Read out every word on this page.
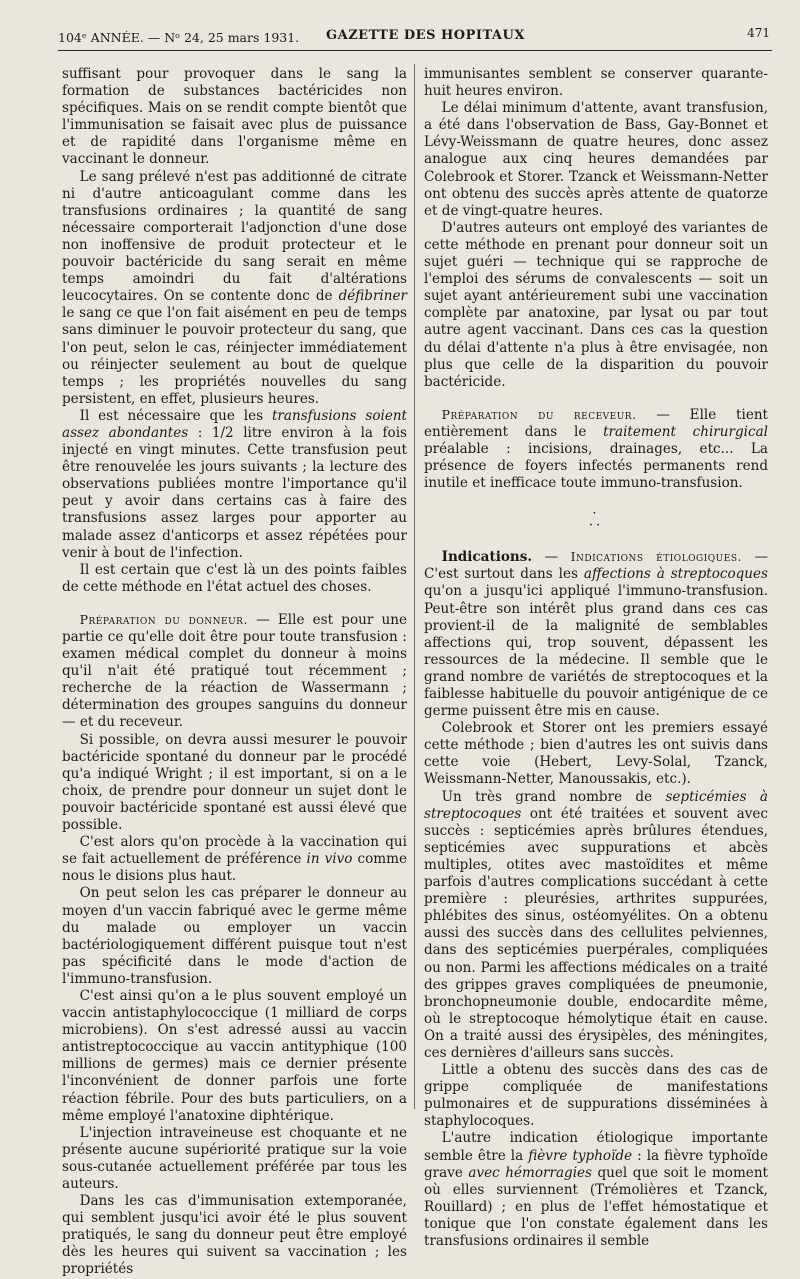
104ᵉ ANNÉE. — Nᵒ 24, 25 mars 1931. GAZETTE DES HOPITAUX	471

suffisant pour provoquer dans le sang la formation de substances bactéricides non spécifiques. Mais on se rendit compte bientôt que l'immunisation se faisait avec plus de puissance et de rapidité dans l'organisme même en vaccinant le donneur.

Le sang prélevé n'est pas additionné de citrate ni d'autre anticoagulant comme dans les transfusions ordinaires ; la quantité de sang nécessaire comporterait l'adjonction d'une dose non inoffensive de produit protecteur et le pouvoir bactéricide du sang serait en même temps amoindri du fait d'altérations leucocytaires. On se contente donc de défibriner le sang ce que l'on fait aisément en peu de temps sans diminuer le pouvoir protecteur du sang, que l'on peut, selon le cas, réinjecter immédiatement ou réinjecter seulement au bout de quelque temps ; les propriétés nouvelles du sang persistent, en effet, plusieurs heures.

Il est nécessaire que les transfusions soient assez abondantes : 1/2 litre environ à la fois injecté en vingt minutes. Cette transfusion peut être renouvelée les jours suivants ; la lecture des observations publiées montre l'importance qu'il peut y avoir dans certains cas à faire des transfusions assez larges pour apporter au malade assez d'anticorps et assez répétées pour venir à bout de l'infection.

Il est certain que c'est là un des points faibles de cette méthode en l'état actuel des choses.

Préparation du donneur. — Elle est pour une partie ce qu'elle doit être pour toute transfusion : examen médical complet du donneur à moins qu'il n'ait été pratiqué tout récemment ; recherche de la réaction de Wassermann ; détermination des groupes sanguins du donneur — et du receveur.

Si possible, on devra aussi mesurer le pouvoir bactéricide spontané du donneur par le procédé qu'a indiqué Wright ; il est important, si on a le choix, de prendre pour donneur un sujet dont le pouvoir bactéricide spontané est aussi élevé que possible.

C'est alors qu'on procède à la vaccination qui se fait actuellement de préférence in vivo comme nous le disions plus haut.

On peut selon les cas préparer le donneur au moyen d'un vaccin fabriqué avec le germe même du malade ou employer un vaccin bactériologiquement différent puisque tout n'est pas spécificité dans le mode d'action de l'immuno-transfusion.

C'est ainsi qu'on a le plus souvent employé un vaccin antistaphylococcique (1 milliard de corps microbiens). On s'est adressé aussi au vaccin antistreptococcique au vaccin antityphique (100 millions de germes) mais ce dernier présente l'inconvénient de donner parfois une forte réaction fébrile. Pour des buts particuliers, on a même employé l'anatoxine diphtérique.

L'injection intraveineuse est choquante et ne présente aucune supériorité pratique sur la voie sous-cutanée actuellement préférée par tous les auteurs.

Dans les cas d'immunisation extemporanée, qui semblent jusqu'ici avoir été le plus souvent pratiqués, le sang du donneur peut être employé dès les heures qui suivent sa vaccination ; les propriétés

immunisantes semblent se conserver quarante-huit heures environ.

Le délai minimum d'attente, avant transfusion, a été dans l'observation de Bass, Gay-Bonnet et Lévy-Weissmann de quatre heures, donc assez analogue aux cinq heures demandées par Colebrook et Storer. Tzanck et Weissmann-Netter ont obtenu des succès après attente de quatorze et de vingt-quatre heures.

D'autres auteurs ont employé des variantes de cette méthode en prenant pour donneur soit un sujet guéri — technique qui se rapproche de l'emploi des sérums de convalescents — soit un sujet ayant antérieurement subi une vaccination complète par anatoxine, par lysat ou par tout autre agent vaccinant. Dans ces cas la question du délai d'attente n'a plus à être envisagée, non plus que celle de la disparition du pouvoir bactéricide.

Préparation du receveur. — Elle tient entièrement dans le traitement chirurgical préalable : incisions, drainages, etc... La présence de foyers infectés permanents rend inutile et inefficace toute immuno-transfusion.

·
··

Indications. — Indications étiologiques. — C'est surtout dans les affections à streptocoques qu'on a jusqu'ici appliqué l'immuno-transfusion. Peut-être son intérêt plus grand dans ces cas provient-il de la malignité de semblables affections qui, trop souvent, dépassent les ressources de la médecine. Il semble que le grand nombre de variétés de streptocoques et la faiblesse habituelle du pouvoir antigénique de ce germe puissent être mis en cause.

Colebrook et Storer ont les premiers essayé cette méthode ; bien d'autres les ont suivis dans cette voie (Hebert, Levy-Solal, Tzanck, Weissmann-Netter, Manoussakis, etc.).

Un très grand nombre de septicémies à streptocoques ont été traitées et souvent avec succès : septicémies après brûlures étendues, septicémies avec suppurations et abcès multiples, otites avec mastoïdites et même parfois d'autres complications succédant à cette première : pleurésies, arthrites suppurées, phlébites des sinus, ostéomyélites. On a obtenu aussi des succès dans des cellulites pelviennes, dans des septicémies puerpérales, compliquées ou non. Parmi les affections médicales on a traité des grippes graves compliquées de pneumonie, bronchopneumonie double, endocardite même, où le streptocoque hémolytique était en cause. On a traité aussi des érysipèles, des méningites, ces dernières d'ailleurs sans succès.

Little a obtenu des succès dans des cas de grippe compliquée de manifestations pulmonaires et de suppurations disséminées à staphylocoques.

L'autre indication étiologique importante semble être la fièvre typhoïde : la fièvre typhoïde grave avec hémorragies quel que soit le moment où elles surviennent (Trémolières et Tzanck, Rouillard) ; en plus de l'effet hémostatique et tonique que l'on constate également dans les transfusions ordinaires il semble
